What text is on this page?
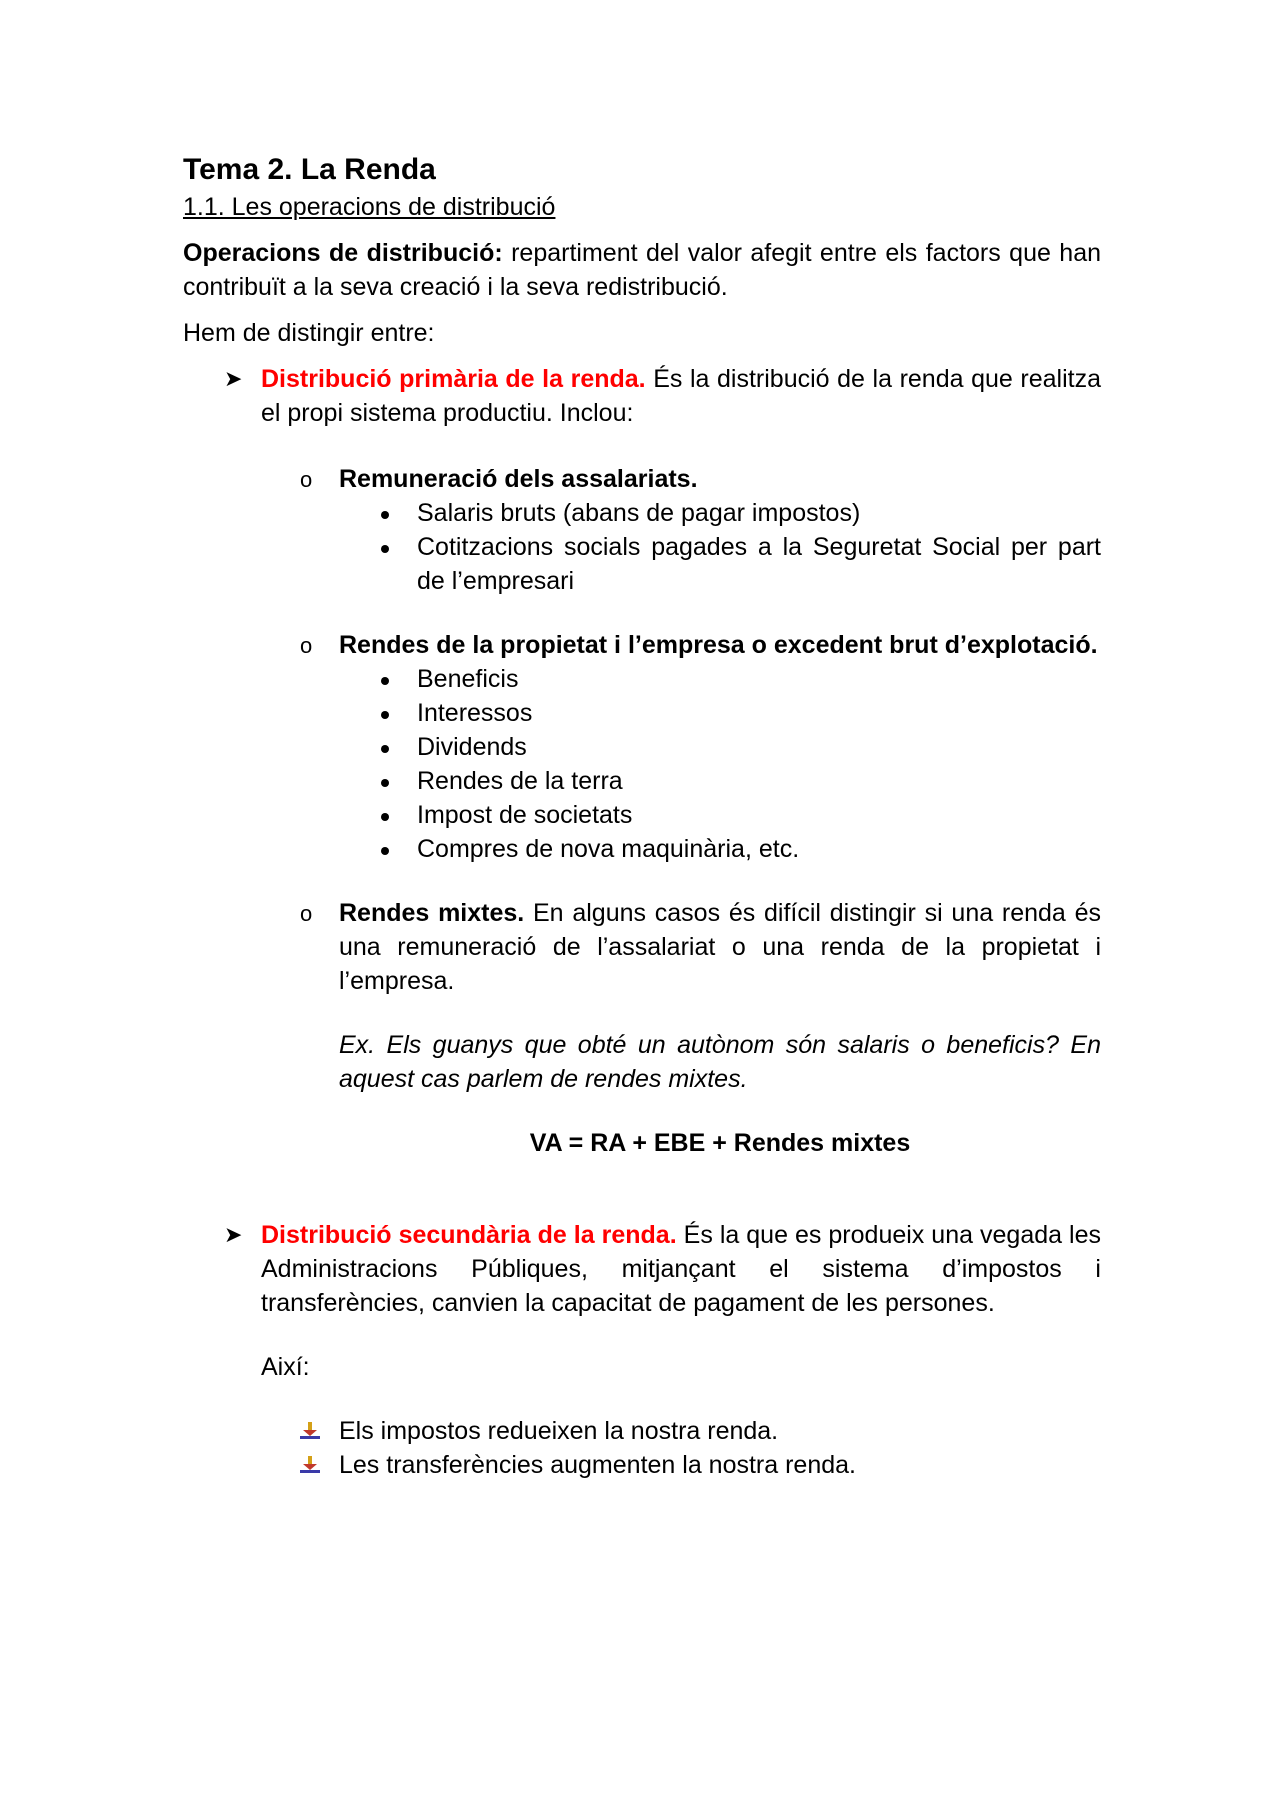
Tema 2. La Renda

1.1. Les operacions de distribució

Operacions de distribució: repartiment del valor afegit entre els factors que han contribuït a la seva creació i la seva redistribució.

Hem de distingir entre:

➤ Distribució primària de la renda. És la distribució de la renda que realitza el propi sistema productiu. Inclou:
o Remuneració dels assalariats.
Salaris bruts (abans de pagar impostos)
Cotitzacions socials pagades a la Seguretat Social per part de l’empresari
o Rendes de la propietat i l’empresa o excedent brut d’explotació.
Beneficis
Interessos
Dividends
Rendes de la terra
Impost de societats
Compres de nova maquinària, etc.
o Rendes mixtes. En alguns casos és difícil distingir si una renda és una remuneració de l’assalariat o una renda de la propietat i l’empresa.
Ex. Els guanys que obté un autònom són salaris o beneficis? En aquest cas parlem de rendes mixtes.
VA = RA + EBE + Rendes mixtes
➤ Distribució secundària de la renda. És la que es produeix una vegada les Administracions Públiques, mitjançant el sistema d’impostos i transferències, canvien la capacitat de pagament de les persones.
Així:
Els impostos redueixen la nostra renda.
Les transferències augmenten la nostra renda.
